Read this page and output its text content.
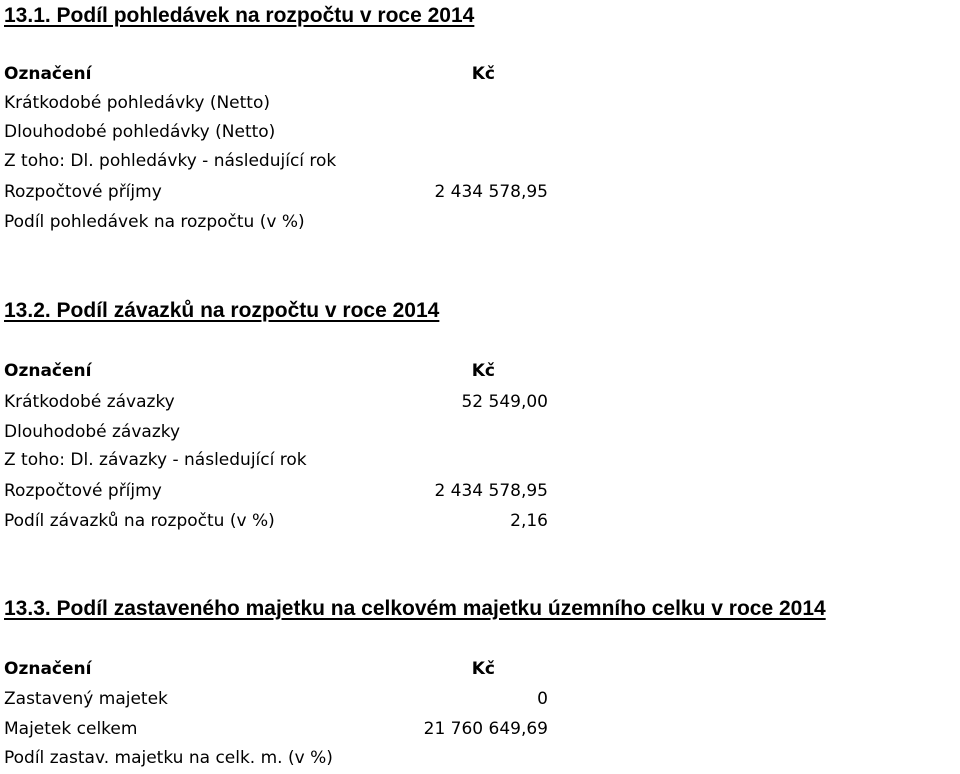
13.1. Podíl pohledávek na rozpočtu v roce 2014
Označení	Kč
Krátkodobé pohledávky (Netto)
Dlouhodobé pohledávky (Netto)
Z toho: Dl. pohledávky - následující rok
Rozpočtové příjmy	2 434 578,95
Podíl pohledávek na rozpočtu (v %)
13.2. Podíl závazků na rozpočtu v roce 2014
Označení	Kč
Krátkodobé závazky	52 549,00
Dlouhodobé závazky
Z toho: Dl. závazky - následující rok
Rozpočtové příjmy	2 434 578,95
Podíl závazků na rozpočtu (v %)	2,16
13.3. Podíl zastaveného majetku na celkovém majetku územního celku v roce 2014
Označení	Kč
Zastavený majetek	0
Majetek celkem	21 760 649,69
Podíl zastav. majetku na celk. m. (v %)
